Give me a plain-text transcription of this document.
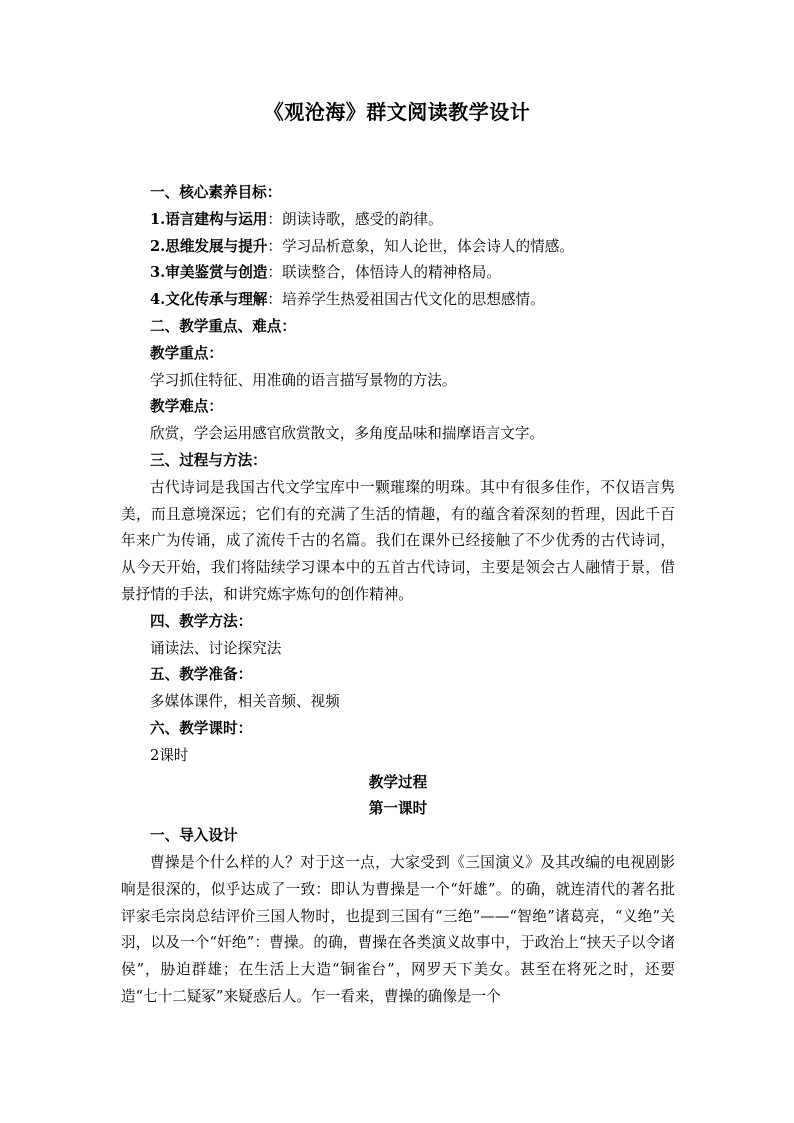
《观沧海》群文阅读教学设计
一、核心素养目标：
1.语言建构与运用：朗读诗歌，感受的韵律。
2.思维发展与提升：学习品析意象，知人论世，体会诗人的情感。
3.审美鉴赏与创造：联读整合，体悟诗人的精神格局。
4.文化传承与理解：培养学生热爱祖国古代文化的思想感情。
二、教学重点、难点：
教学重点：
学习抓住特征、用准确的语言描写景物的方法。
教学难点：
欣赏，学会运用感官欣赏散文，多角度品味和揣摩语言文字。
三、过程与方法：
古代诗词是我国古代文学宝库中一颗璀璨的明珠。其中有很多佳作，不仅语言隽美，而且意境深远；它们有的充满了生活的情趣，有的蕴含着深刻的哲理，因此千百年来广为传诵，成了流传千古的名篇。我们在课外已经接触了不少优秀的古代诗词，从今天开始，我们将陆续学习课本中的五首古代诗词，主要是领会古人融情于景，借景抒情的手法，和讲究炼字炼句的创作精神。
四、教学方法：
诵读法、讨论探究法
五、教学准备：
多媒体课件，相关音频、视频
六、教学课时：
2课时
教学过程
第一课时
一、导入设计
曹操是个什么样的人？对于这一点，大家受到《三国演义》及其改编的电视剧影响是很深的，似乎达成了一致：即认为曹操是一个“奸雄”。的确，就连清代的著名批评家毛宗岗总结评价三国人物时，也提到三国有“三绝”——“智绝”诸葛亮，“义绝”关羽，以及一个“奸绝”：曹操。的确，曹操在各类演义故事中，于政治上“挟天子以令诸侯”，胁迫群雄；在生活上大造“铜雀台”，网罗天下美女。甚至在将死之时，还要造“七十二疑冢”来疑惑后人。乍一看来，曹操的确像是一个
